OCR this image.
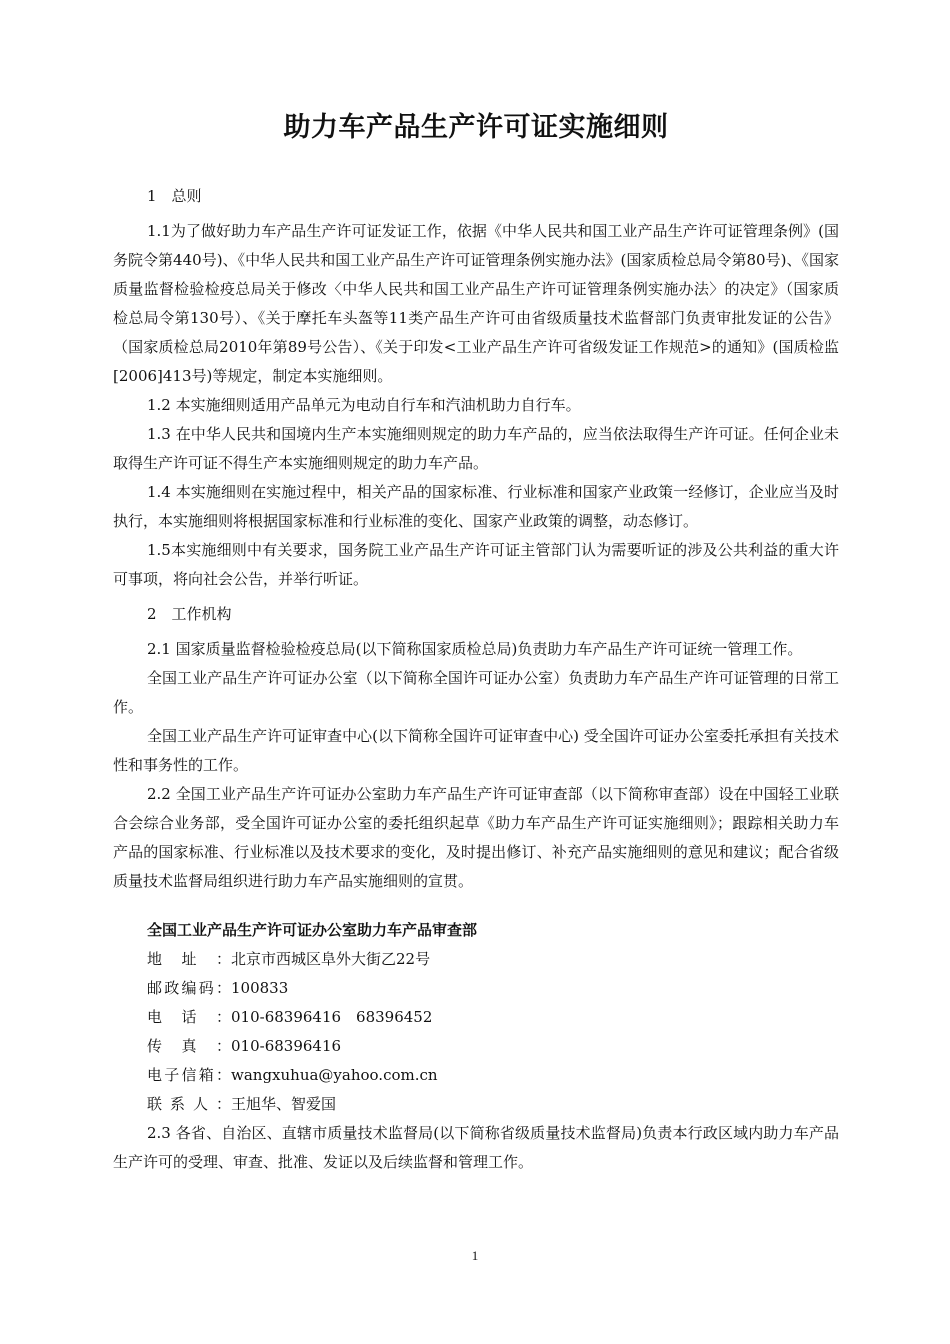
助力车产品生产许可证实施细则

1　总则

1.1为了做好助力车产品生产许可证发证工作，依据《中华人民共和国工业产品生产许可证管理条例》(国务院令第440号)、《中华人民共和国工业产品生产许可证管理条例实施办法》(国家质检总局令第80号)、《国家质量监督检验检疫总局关于修改〈中华人民共和国工业产品生产许可证管理条例实施办法〉的决定》（国家质检总局令第130号）、《关于摩托车头盔等11类产品生产许可由省级质量技术监督部门负责审批发证的公告》（国家质检总局2010年第89号公告）、《关于印发<工业产品生产许可省级发证工作规范>的通知》(国质检监[2006]413号)等规定，制定本实施细则。

1.2 本实施细则适用产品单元为电动自行车和汽油机助力自行车。

1.3 在中华人民共和国境内生产本实施细则规定的助力车产品的，应当依法取得生产许可证。任何企业未取得生产许可证不得生产本实施细则规定的助力车产品。

1.4 本实施细则在实施过程中，相关产品的国家标准、行业标准和国家产业政策一经修订，企业应当及时执行，本实施细则将根据国家标准和行业标准的变化、国家产业政策的调整，动态修订。

1.5本实施细则中有关要求，国务院工业产品生产许可证主管部门认为需要听证的涉及公共利益的重大许可事项，将向社会公告，并举行听证。

2　工作机构

2.1 国家质量监督检验检疫总局(以下简称国家质检总局)负责助力车产品生产许可证统一管理工作。

全国工业产品生产许可证办公室（以下简称全国许可证办公室）负责助力车产品生产许可证管理的日常工作。

全国工业产品生产许可证审查中心(以下简称全国许可证审查中心) 受全国许可证办公室委托承担有关技术性和事务性的工作。

2.2 全国工业产品生产许可证办公室助力车产品生产许可证审查部（以下简称审查部）设在中国轻工业联合会综合业务部，受全国许可证办公室的委托组织起草《助力车产品生产许可证实施细则》；跟踪相关助力车产品的国家标准、行业标准以及技术要求的变化，及时提出修订、补充产品实施细则的意见和建议；配合省级质量技术监督局组织进行助力车产品实施细则的宣贯。

全国工业产品生产许可证办公室助力车产品审查部

地址：北京市西城区阜外大街乙22号

邮政编码：100833

电话：010-68396416　68396452

传真：010-68396416

电子信箱：wangxuhua@yahoo.com.cn

联系人：王旭华、智爱国

2.3 各省、自治区、直辖市质量技术监督局(以下简称省级质量技术监督局)负责本行政区域内助力车产品生产许可的受理、审查、批准、发证以及后续监督和管理工作。

1
